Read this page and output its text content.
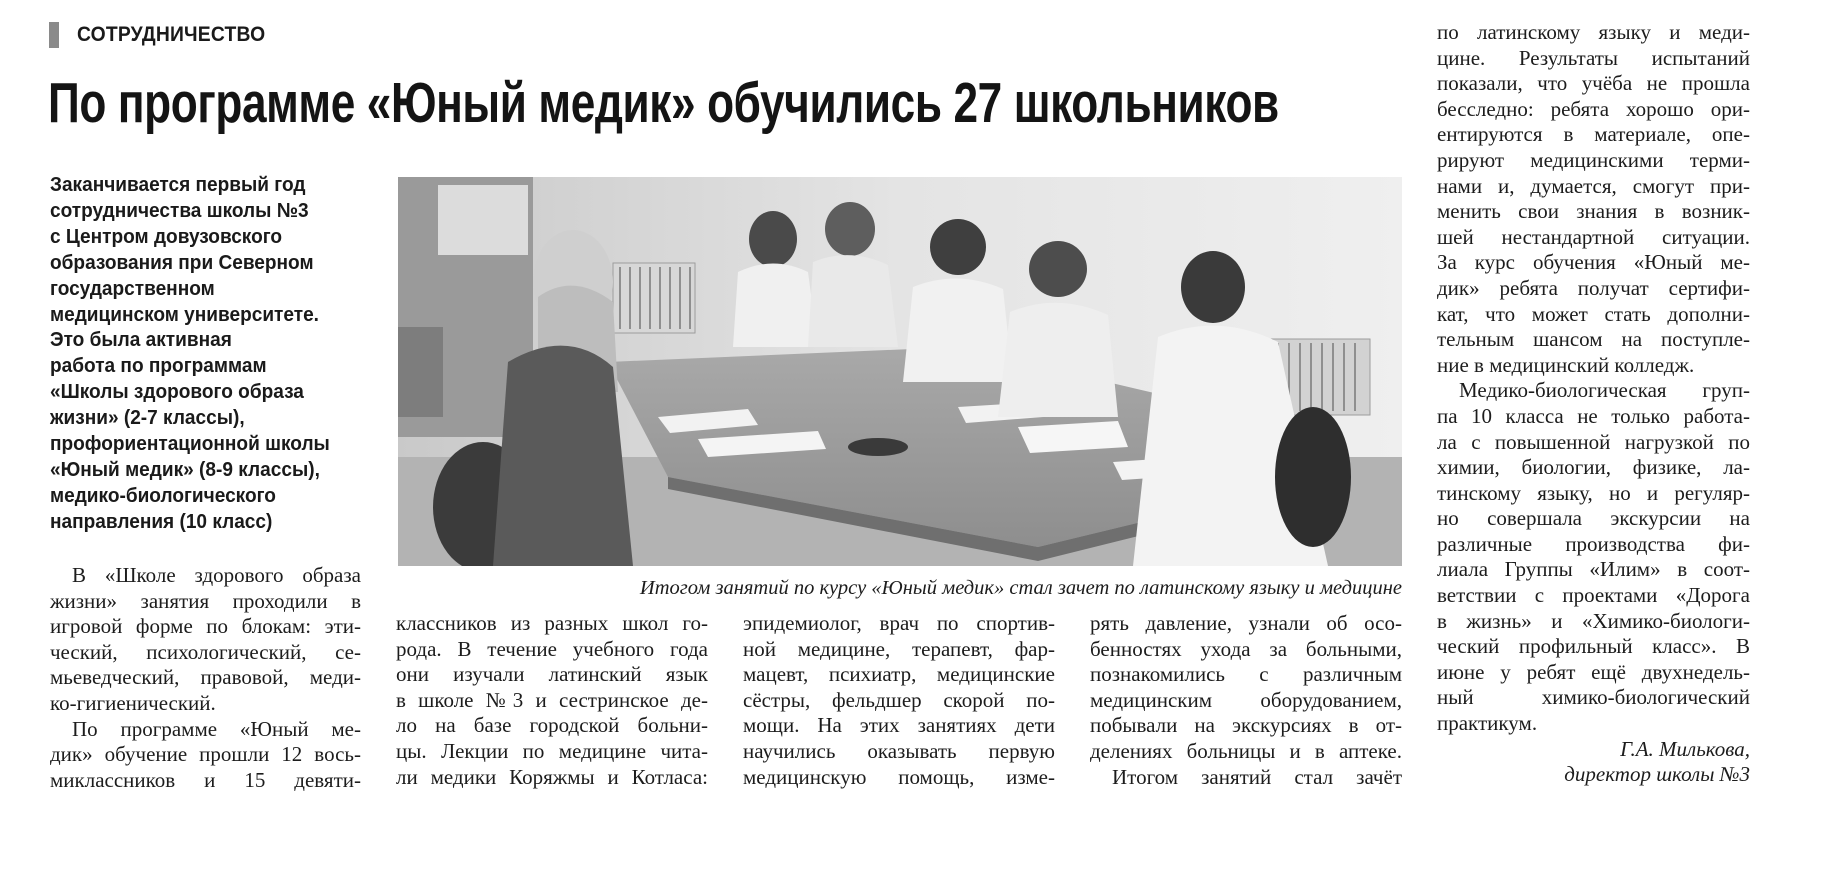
СОТРУДНИЧЕСТВО
По программе «Юный медик» обучились 27 школьников
Заканчивается первый год
сотрудничества школы №3
с Центром довузовского
образования при Северном
государственном
медицинском университете.
Это была активная
работа по программам
«Школы здорового образа
жизни» (2-7 классы),
профориентационной школы
«Юный медик» (8-9 классы),
медико-биологического
направления (10 класс)
Итогом занятий по курсу «Юный медик» стал зачет по латинскому языку и медицине
В «Школе здорового образа
жизни» занятия проходили в
игровой форме по блокам: эти-
ческий, психологический, се-
мьеведческий, правовой, меди-
ко-гигиенический.
По программе «Юный ме-
дик» обучение прошли 12 вось-
миклассников и 15 девяти-
классников из разных школ го-
рода. В течение учебного года
они изучали латинский язык
в школе №3 и сестринское де-
ло на базе городской больни-
цы. Лекции по медицине чита-
ли медики Коряжмы и Котласа:
эпидемиолог, врач по спортив-
ной медицине, терапевт, фар-
мацевт, психиатр, медицинские
сёстры, фельдшер скорой по-
мощи. На этих занятиях дети
научились оказывать первую
медицинскую помощь, изме-
рять давление, узнали об осо-
бенностях ухода за больными,
познакомились с различным
медицинским оборудованием,
побывали на экскурсиях в от-
делениях больницы и в аптеке.
Итогом занятий стал зачёт
по латинскому языку и меди-
цине. Результаты испытаний
показали, что учёба не прошла
бесследно: ребята хорошо ори-
ентируются в материале, опе-
рируют медицинскими терми-
нами и, думается, смогут при-
менить свои знания в возник-
шей нестандартной ситуации.
За курс обучения «Юный ме-
дик» ребята получат сертифи-
кат, что может стать дополни-
тельным шансом на поступле-
ние в медицинский колледж.
Медико-биологическая груп-
па 10 класса не только работа-
ла с повышенной нагрузкой по
химии, биологии, физике, ла-
тинскому языку, но и регуляр-
но совершала экскурсии на
различные производства фи-
лиала Группы «Илим» в соот-
ветствии с проектами «Дорога
в жизнь» и «Химико-биологи-
ческий профильный класс». В
июне у ребят ещё двухнедель-
ный химико-биологический
практикум.
Г.А. Милькова,
директор школы №3
